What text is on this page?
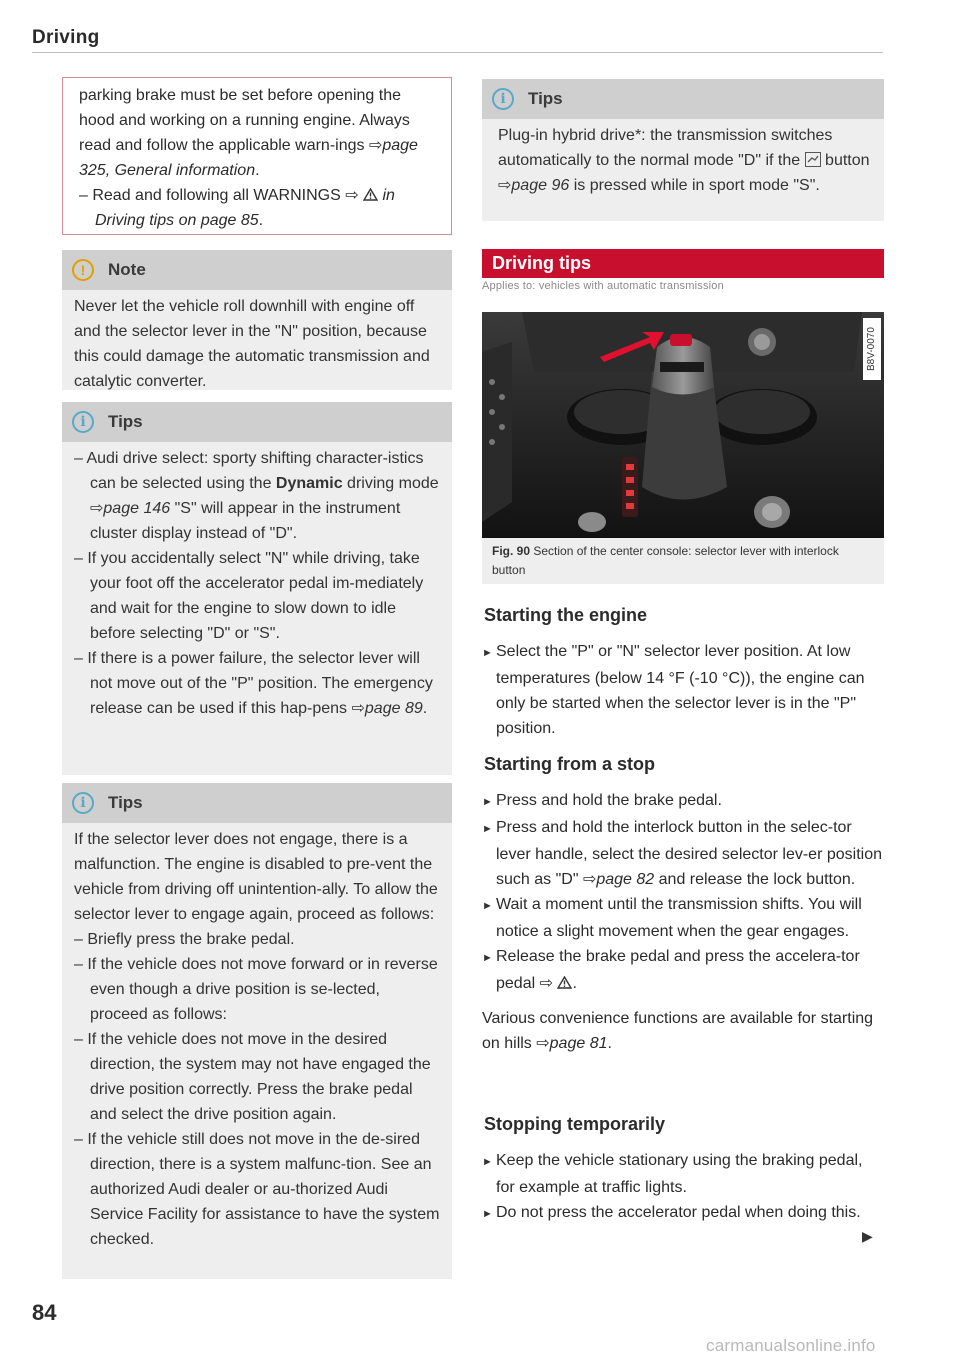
Driving
parking brake must be set before opening the hood and working on a running engine. Always read and follow the applicable warn-ings ⇨page 325, General information.
– Read and following all WARNINGS ⇨ in Driving tips on page 85.
!	Note
Never let the vehicle roll downhill with engine off and the selector lever in the "N" position, because this could damage the automatic transmission and catalytic converter.
i	Tips
– Audi drive select: sporty shifting character-istics can be selected using the Dynamic driving mode ⇨page 146 "S" will appear in the instrument cluster display instead of "D".
– If you accidentally select "N" while driving, take your foot off the accelerator pedal im-mediately and wait for the engine to slow down to idle before selecting "D" or "S".
– If there is a power failure, the selector lever will not move out of the "P" position. The emergency release can be used if this hap-pens ⇨page 89.
i	Tips
If the selector lever does not engage, there is a malfunction. The engine is disabled to pre-vent the vehicle from driving off unintention-ally. To allow the selector lever to engage again, proceed as follows:
– Briefly press the brake pedal.
– If the vehicle does not move forward or in reverse even though a drive position is se-lected, proceed as follows:
– If the vehicle does not move in the desired direction, the system may not have engaged the drive position correctly. Press the brake pedal and select the drive position again.
– If the vehicle still does not move in the de-sired direction, there is a system malfunc-tion. See an authorized Audi dealer or au-thorized Audi Service Facility for assistance to have the system checked.
i	Tips
Plug-in hybrid drive*: the transmission switches automatically to the normal mode "D" if the  button ⇨page 96 is pressed while in sport mode "S".
Driving tips
Applies to: vehicles with automatic transmission
B8V-0070
Fig. 90 Section of the center console: selector lever with interlock button
Starting the engine
► Select the "P" or "N" selector lever position. At low temperatures (below 14 °F (-10 °C)), the engine can only be started when the selector lever is in the "P" position.
Starting from a stop
► Press and hold the brake pedal.
► Press and hold the interlock button in the selec-tor lever handle, select the desired selector lev-er position such as "D" ⇨page 82 and release the lock button.
► Wait a moment until the transmission shifts. You will notice a slight movement when the gear engages.
► Release the brake pedal and press the accelera-tor pedal ⇨ .
Various convenience functions are available for starting on hills ⇨page 81.
Stopping temporarily
► Keep the vehicle stationary using the braking pedal, for example at traffic lights.
► Do not press the accelerator pedal when doing this.
▶
84
carmanualsonline.info
